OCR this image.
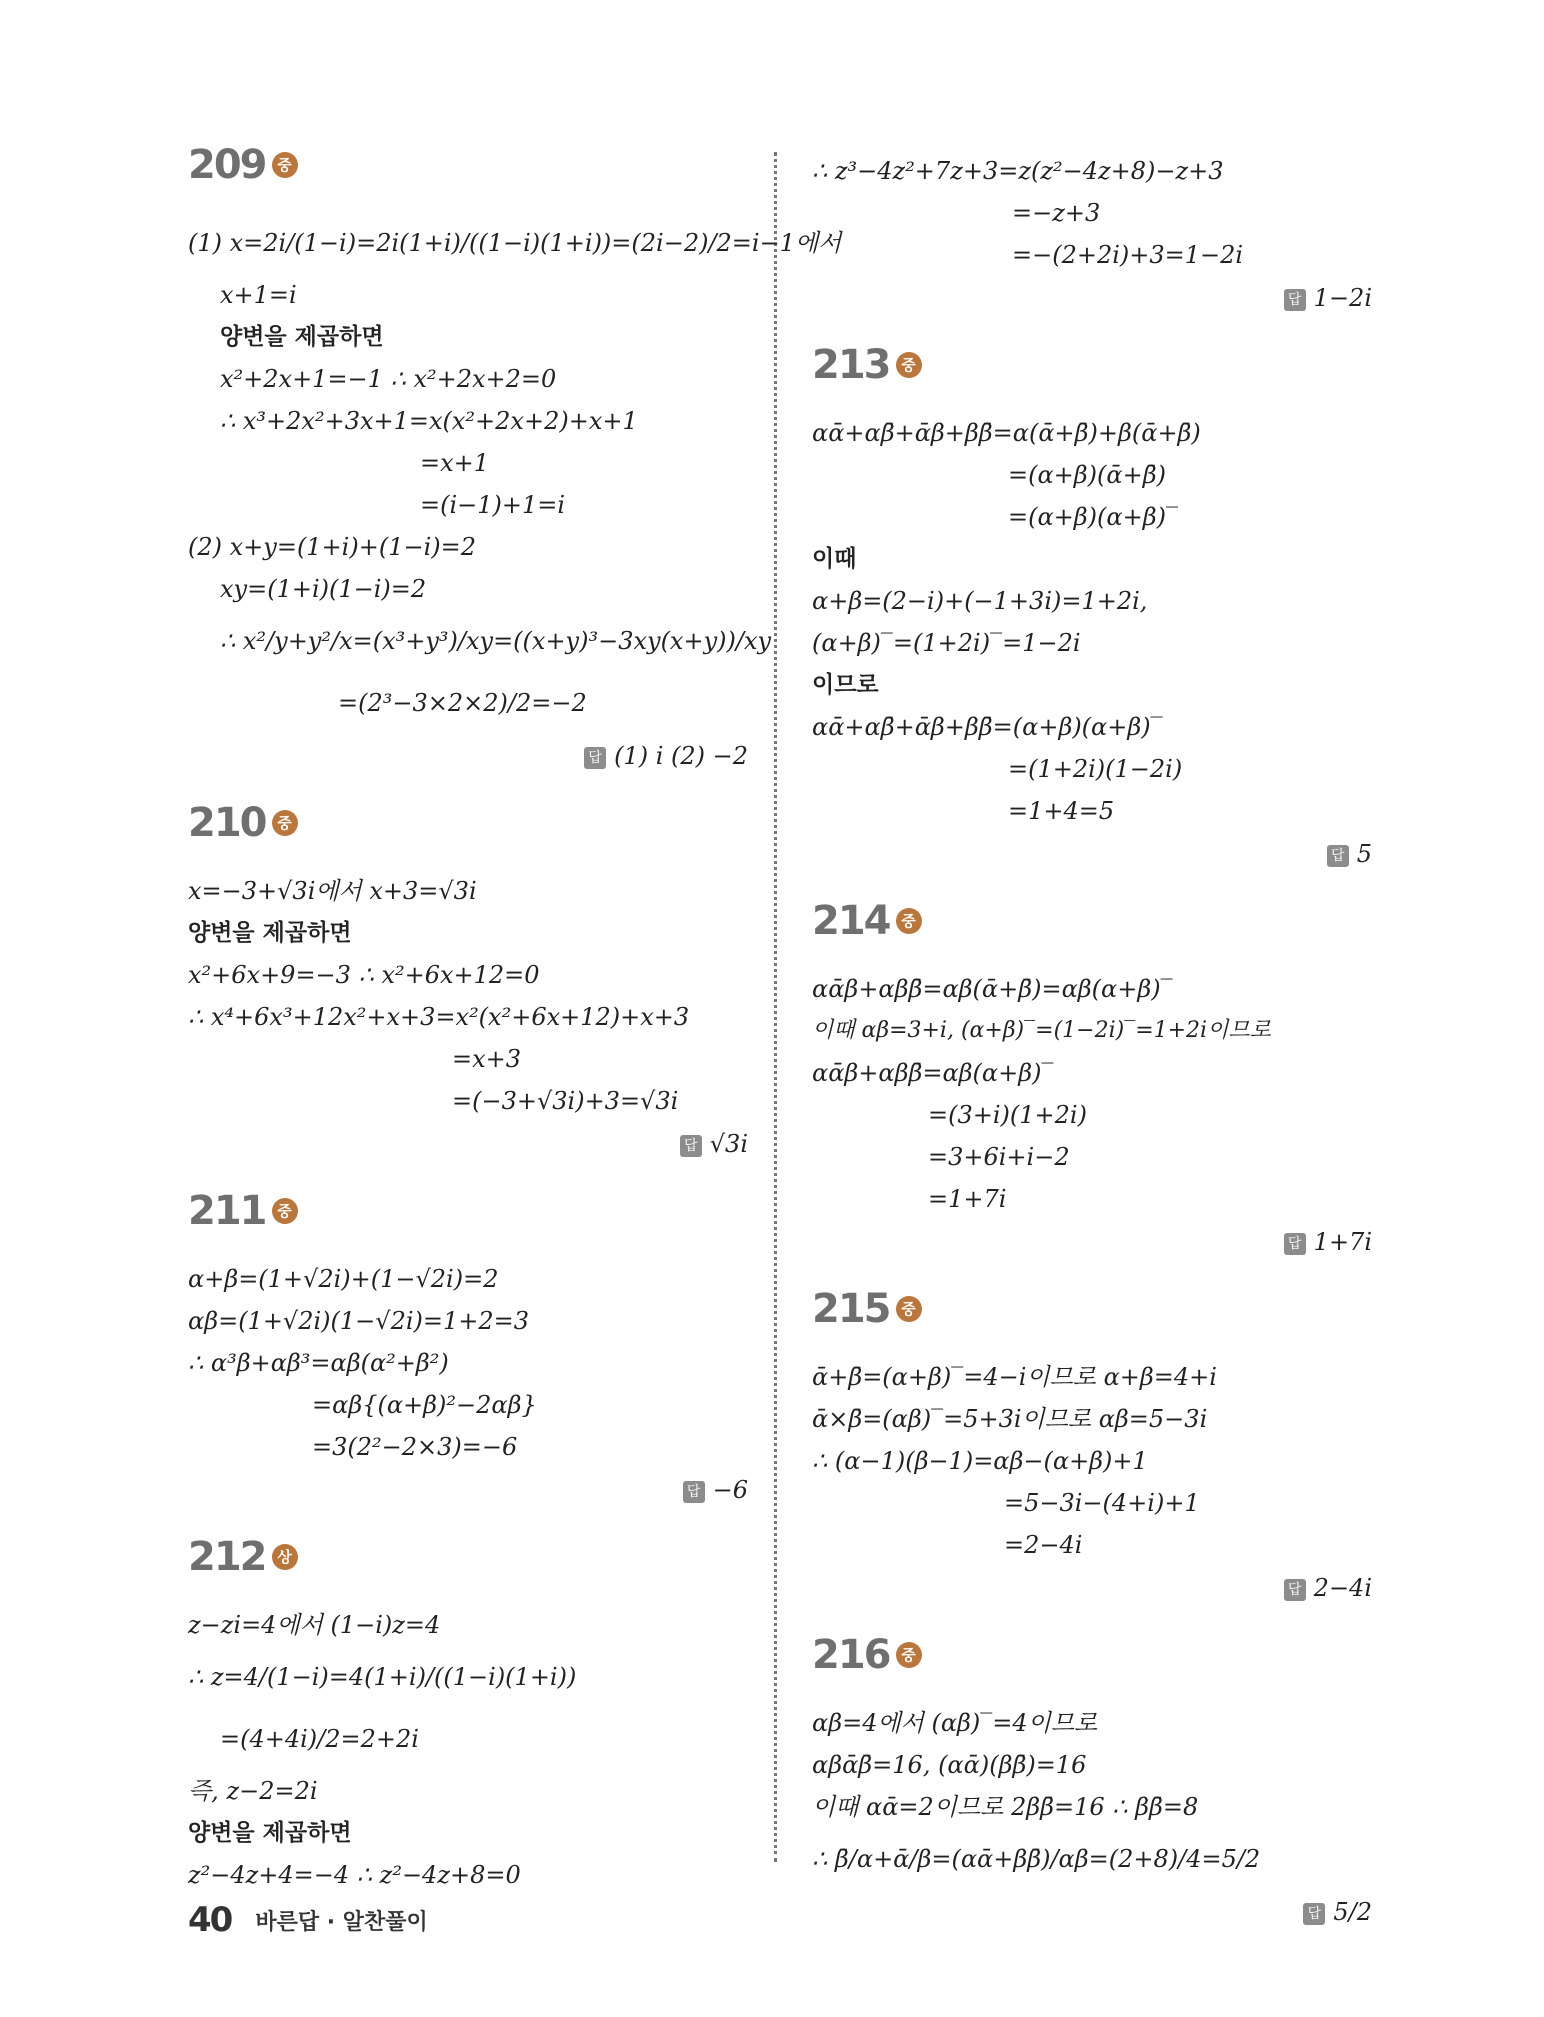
209 중
(1) x=2i/(1−i)=2i(1+i)/((1−i)(1+i))=(2i−2)/2=i−1에서
x+1=i
양변을 제곱하면
x²+2x+1=−1 ∴ x²+2x+2=0
∴ x³+2x²+3x+1=x(x²+2x+2)+x+1
=x+1
=(i−1)+1=i
(2) x+y=(1+i)+(1−i)=2
xy=(1+i)(1−i)=2
∴ x²/y+y²/x=(x³+y³)/xy=((x+y)³−3xy(x+y))/xy
=(2³−3×2×2)/2=−2
답 (1) i (2) −2
210 중
x=−3+√3i에서 x+3=√3i
양변을 제곱하면
x²+6x+9=−3 ∴ x²+6x+12=0
∴ x⁴+6x³+12x²+x+3=x²(x²+6x+12)+x+3
=x+3
=(−3+√3i)+3=√3i
답 √3i
211 중
α+β=(1+√2i)+(1−√2i)=2
αβ=(1+√2i)(1−√2i)=1+2=3
∴ α³β+αβ³=αβ(α²+β²)
=αβ{(α+β)²−2αβ}
=3(2²−2×3)=−6
답 −6
212 상
z−zi=4에서 (1−i)z=4
∴ z=4/(1−i)=4(1+i)/((1−i)(1+i))
=(4+4i)/2=2+2i
즉, z−2=2i
양변을 제곱하면
z²−4z+4=−4 ∴ z²−4z+8=0
∴ z³−4z²+7z+3=z(z²−4z+8)−z+3
=−z+3
=−(2+2i)+3=1−2i
답 1−2i
213 중
αᾱ+αβ̄+ᾱβ+ββ̄=α(ᾱ+β̄)+β(ᾱ+β̄)
=(α+β)(ᾱ+β̄)
=(α+β)(α+β)‾
이때
α+β=(2−i)+(−1+3i)=1+2i,
(α+β)‾=(1+2i)‾=1−2i
이므로
αᾱ+αβ̄+ᾱβ+ββ̄=(α+β)(α+β)‾
=(1+2i)(1−2i)
=1+4=5
답 5
214 중
αᾱβ+αββ̄=αβ(ᾱ+β̄)=αβ(α+β)‾
이때 αβ=3+i, (α+β)‾=(1−2i)‾=1+2i이므로
αᾱβ+αββ̄=αβ(α+β)‾
=(3+i)(1+2i)
=3+6i+i−2
=1+7i
답 1+7i
215 중
ᾱ+β̄=(α+β)‾=4−i이므로 α+β=4+i
ᾱ×β̄=(αβ)‾=5+3i이므로 αβ=5−3i
∴ (α−1)(β−1)=αβ−(α+β)+1
=5−3i−(4+i)+1
=2−4i
답 2−4i
216 중
αβ=4에서 (αβ)‾=4이므로
αβᾱβ̄=16, (αᾱ)(ββ̄)=16
이때 αᾱ=2이므로 2ββ̄=16 ∴ ββ̄=8
∴ β̄/α+ᾱ/β=(αᾱ+ββ̄)/αβ=(2+8)/4=5/2
답 5/2
40 바른답 · 알찬풀이
